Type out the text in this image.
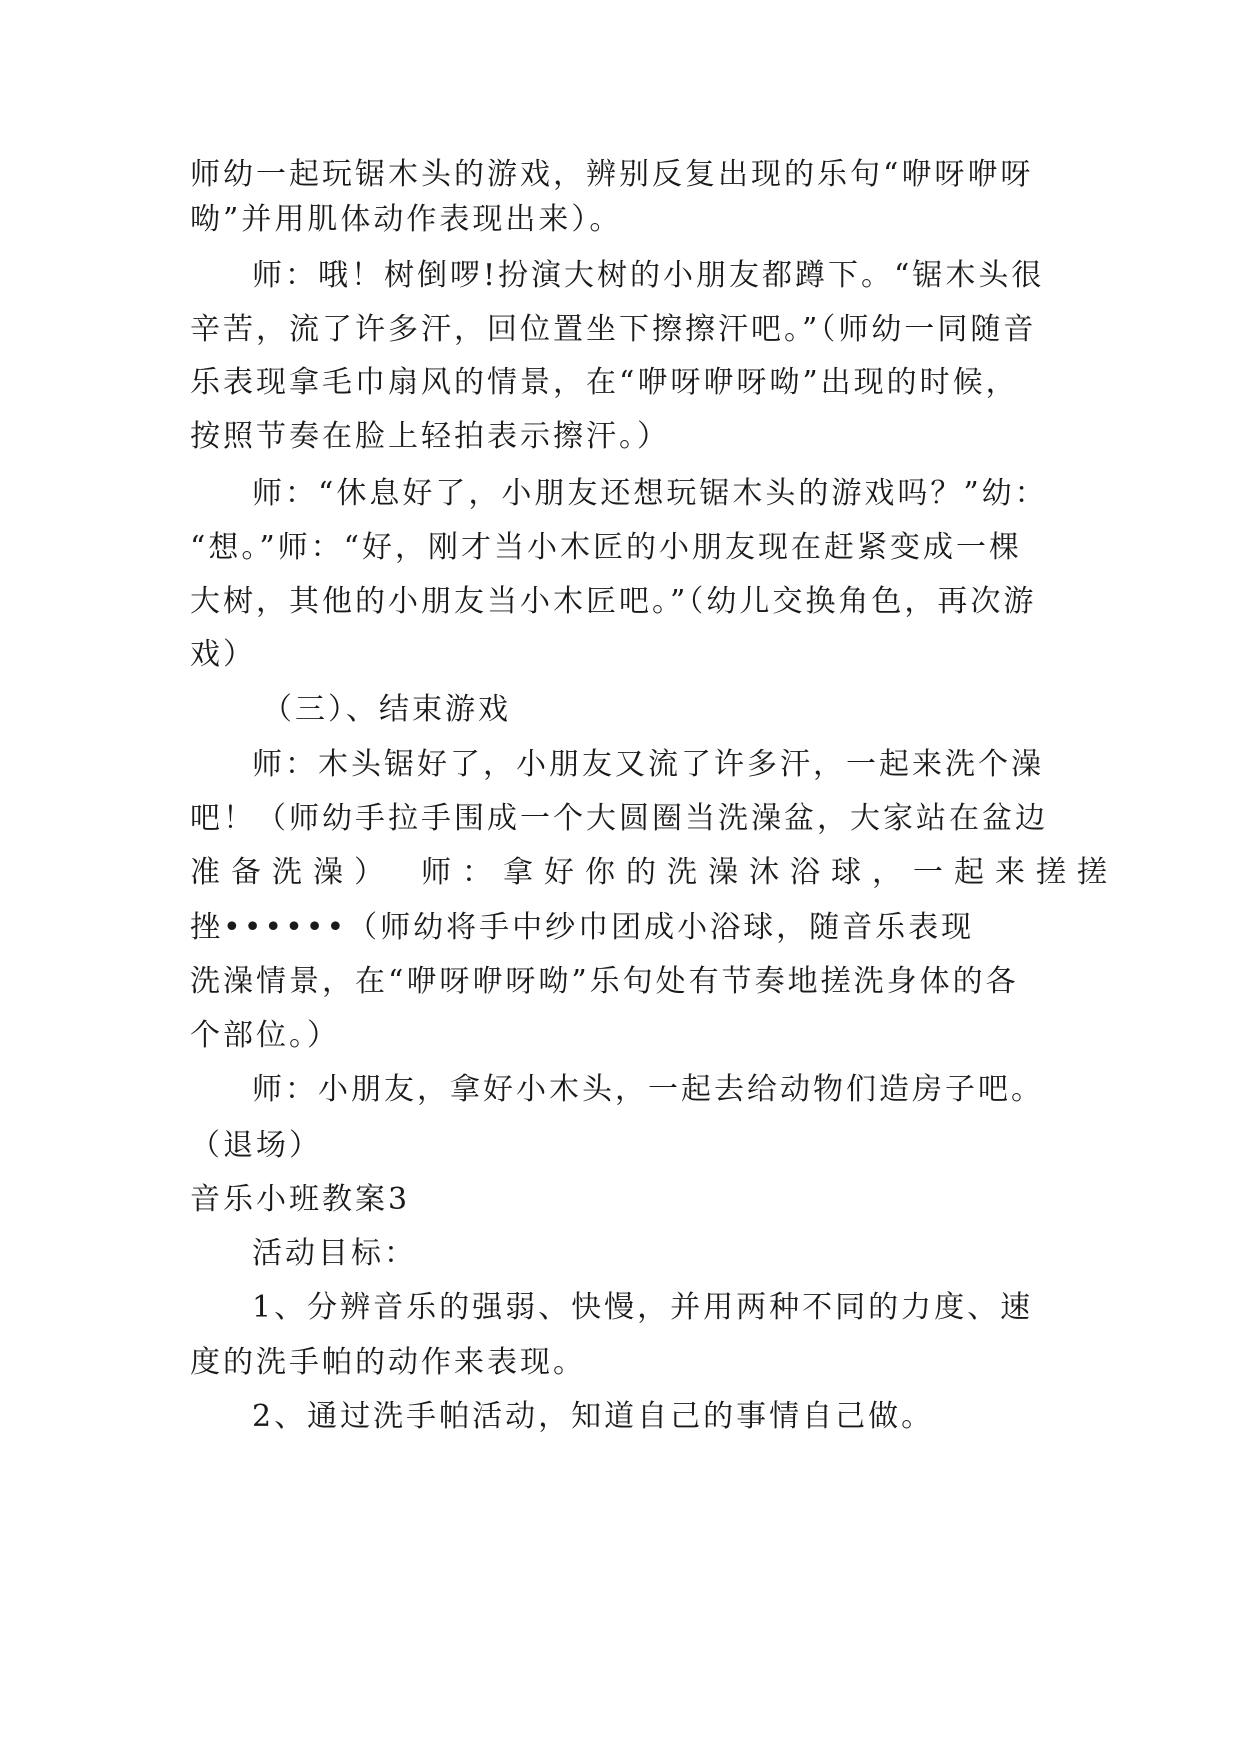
师幼一起玩锯木头的游戏，辨别反复出现的乐句“咿呀咿呀

呦”并用肌体动作表现出来）。

师：哦！树倒啰!扮演大树的小朋友都蹲下。“锯木头很

辛苦，流了许多汗，回位置坐下擦擦汗吧。”（师幼一同随音

乐表现拿毛巾扇风的情景，在“咿呀咿呀呦”出现的时候，

按照节奏在脸上轻拍表示擦汗。）

师：“休息好了，小朋友还想玩锯木头的游戏吗？”幼：

“想。”师：“好，刚才当小木匠的小朋友现在赶紧变成一棵

大树，其他的小朋友当小木匠吧。”（幼儿交换角色，再次游

戏）

（三）、结束游戏

师：木头锯好了，小朋友又流了许多汗，一起来洗个澡

吧！（师幼手拉手围成一个大圆圈当洗澡盆，大家站在盆边

准备洗澡）　师：拿好你的洗澡沐浴球，一起来搓搓

挫••••••（师幼将手中纱巾团成小浴球，随音乐表现

洗澡情景，在“咿呀咿呀呦”乐句处有节奏地搓洗身体的各

个部位。）

师：小朋友，拿好小木头，一起去给动物们造房子吧。

（退场）

音乐小班教案3

活动目标：

1、分辨音乐的强弱、快慢，并用两种不同的力度、速

度的洗手帕的动作来表现。

2、通过洗手帕活动，知道自己的事情自己做。
